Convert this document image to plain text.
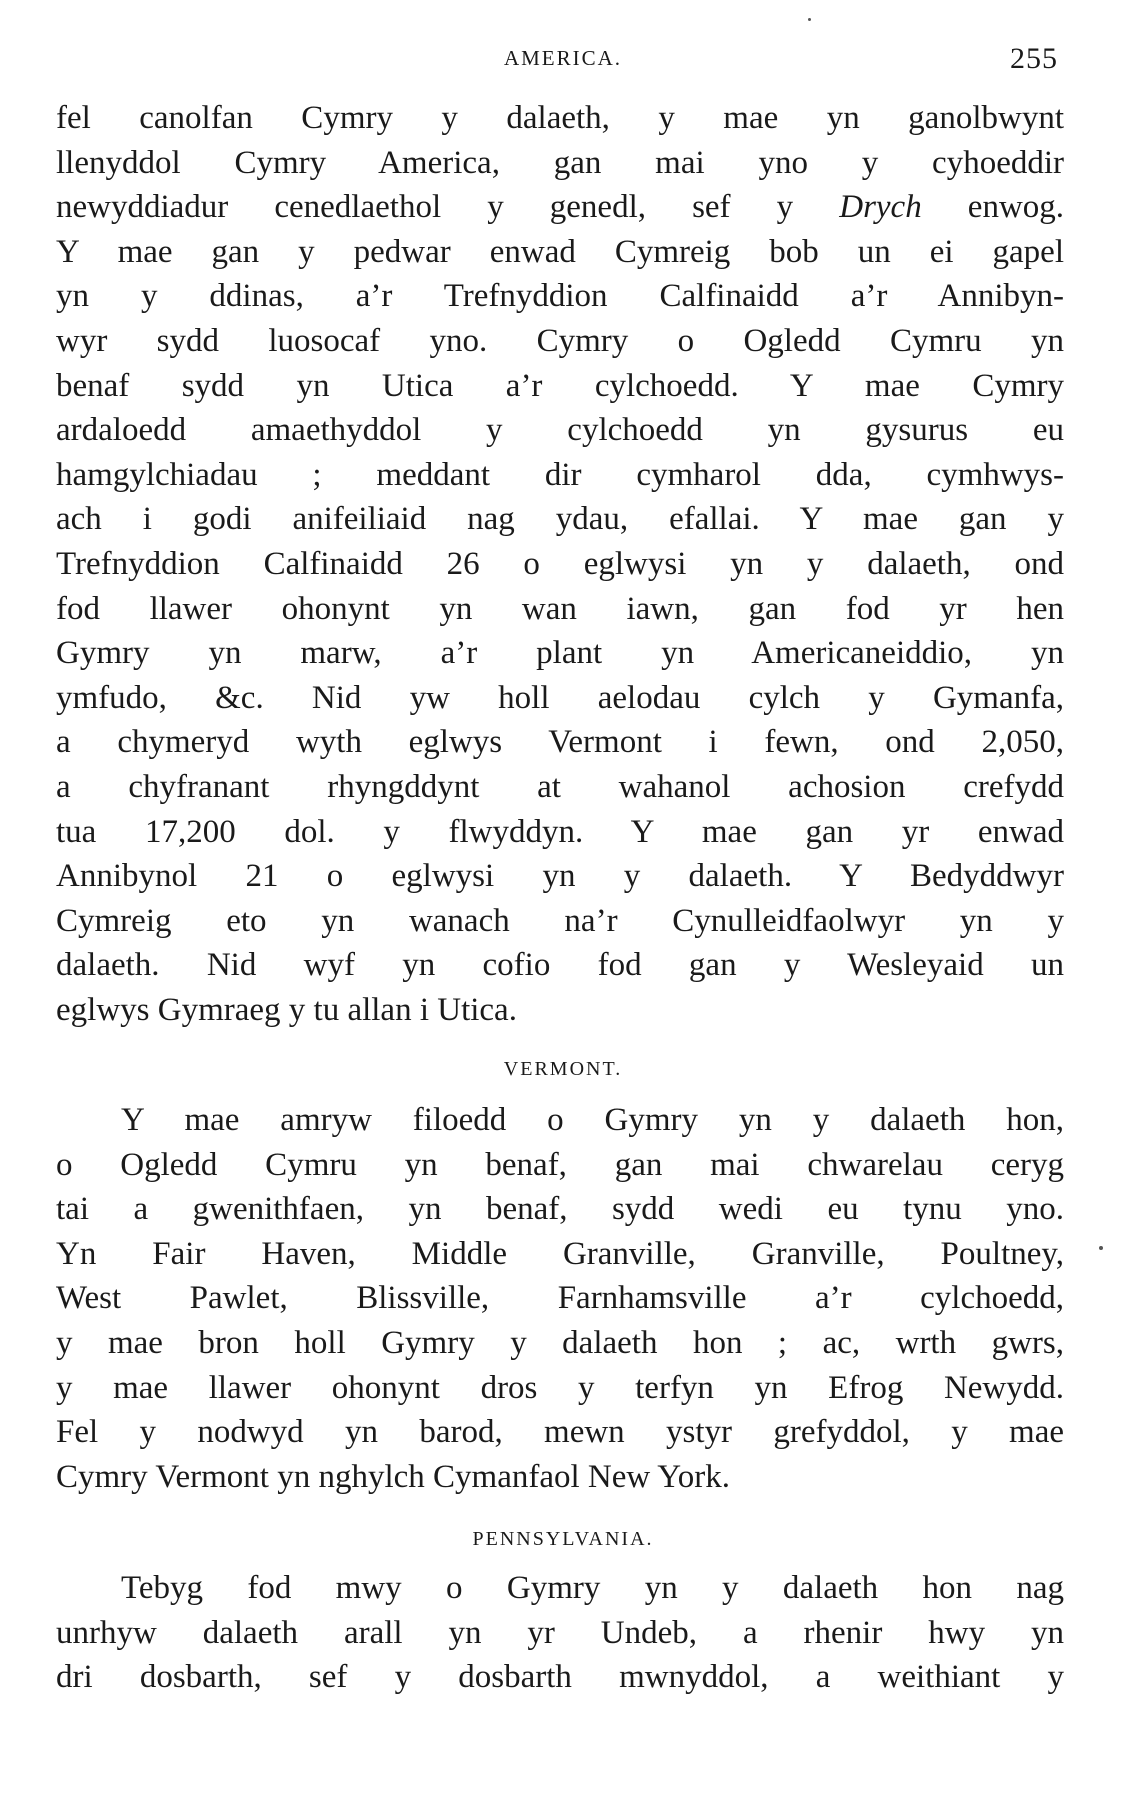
AMERICA.	255
fel canolfan Cymry y dalaeth, y mae yn ganolbwynt
llenyddol Cymry America, gan mai yno y cyhoeddir
newyddiadur cenedlaethol y genedl, sef y Drych enwog.
Y mae gan y pedwar enwad Cymreig bob un ei gapel
yn y ddinas, a’r Trefnyddion Calfinaidd a’r Annibyn-
wyr sydd luosocaf yno. Cymry o Ogledd Cymru yn
benaf sydd yn Utica a’r cylchoedd. Y mae Cymry
ardaloedd amaethyddol y cylchoedd yn gysurus eu
hamgylchiadau ; meddant dir cymharol dda, cymhwys-
ach i godi anifeiliaid nag ydau, efallai. Y mae gan y
Trefnyddion Calfinaidd 26 o eglwysi yn y dalaeth, ond
fod llawer ohonynt yn wan iawn, gan fod yr hen
Gymry yn marw, a’r plant yn Americaneiddio, yn
ymfudo, &c. Nid yw holl aelodau cylch y Gymanfa,
a chymeryd wyth eglwys Vermont i fewn, ond 2,050,
a chyfranant rhyngddynt at wahanol achosion crefydd
tua 17,200 dol. y flwyddyn. Y mae gan yr enwad
Annibynol 21 o eglwysi yn y dalaeth. Y Bedyddwyr
Cymreig eto yn wanach na’r Cynulleidfaolwyr yn y
dalaeth. Nid wyf yn cofio fod gan y Wesleyaid un
eglwys Gymraeg y tu allan i Utica.
VERMONT.
Y mae amryw filoedd o Gymry yn y dalaeth hon,
o Ogledd Cymru yn benaf, gan mai chwarelau ceryg
tai a gwenithfaen, yn benaf, sydd wedi eu tynu yno.
Yn Fair Haven, Middle Granville, Granville, Poultney,
West Pawlet, Blissville, Farnhamsville a’r cylchoedd,
y mae bron holl Gymry y dalaeth hon ; ac, wrth gwrs,
y mae llawer ohonynt dros y terfyn yn Efrog Newydd.
Fel y nodwyd yn barod, mewn ystyr grefyddol, y mae
Cymry Vermont yn nghylch Cymanfaol New York.
PENNSYLVANIA.
Tebyg fod mwy o Gymry yn y dalaeth hon nag
unrhyw dalaeth arall yn yr Undeb, a rhenir hwy yn
dri dosbarth, sef y dosbarth mwnyddol, a weithiant y
